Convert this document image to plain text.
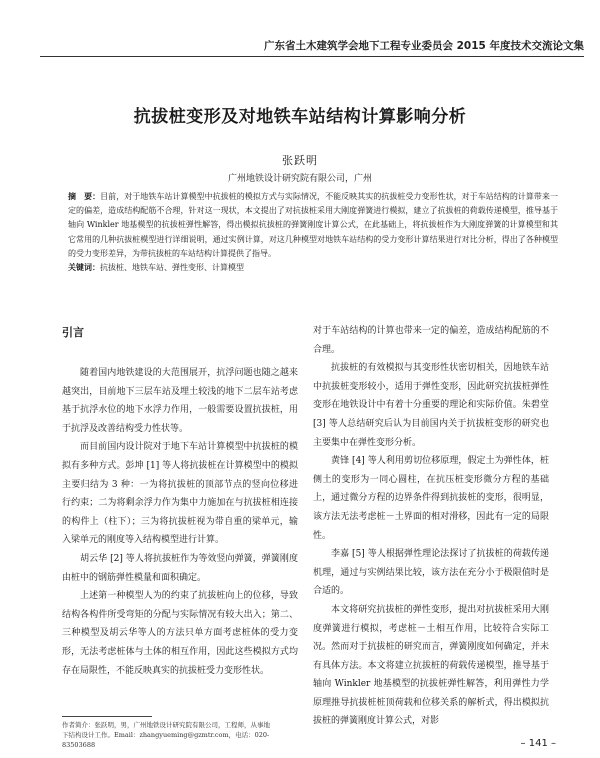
广东省土木建筑学会地下工程专业委员会 2015 年度技术交流论文集
抗拔桩变形及对地铁车站结构计算影响分析
张跃明
广州地铁设计研究院有限公司，广州
摘　要：目前，对于地铁车站计算模型中抗拔桩的模拟方式与实际情况，不能反映其实的抗拔桩受力变形性状，对于车站结构的计算带来一定的偏差，造成结构配筋不合理，针对这一现状，本文提出了对抗拔桩采用大刚度弹簧进行模拟，建立了抗拔桩的荷载传递模型，推导基于轴向 Winkler 地基模型的抗拔桩弹性解答，得出模拟抗拔桩的弹簧刚度计算公式，在此基础上，将抗拔桩作为大刚度弹簧的计算模型和其它常用的几种抗拔桩模型进行详细说明，通过实例计算，对这几种模型对地铁车站结构的受力变形计算结果进行对比分析，得出了各种模型的受力变形差异，为带抗拔桩的车站结构计算提供了指导。
关键词：抗拔桩、地铁车站、弹性变形、计算模型
引言

随着国内地铁建设的大范围展开，抗浮问题也随之越来越突出，目前地下三层车站及埋土较浅的地下二层车站考虑基于抗浮水位的地下水浮力作用，一般需要设置抗拔桩，用于抗浮及改善结构受力性状等。

而目前国内设计院对于地下车站计算模型中抗拔桩的模拟有多种方式。彭坤 [1] 等人将抗拔桩在计算模型中的模拟主要归结为 3 种：一为将抗拔桩的顶部节点的竖向位移进行约束；二为将剩余浮力作为集中力施加在与抗拔桩相连接的构件上（柱下）；三为将抗拔桩视为带自重的梁单元，输入梁单元的刚度等入结构模型进行计算。

胡云华 [2] 等人将抗拔桩作为等效竖向弹簧，弹簧刚度由桩中的钢筋弹性模量和面积确定。

上述第一种模型人为的约束了抗拔桩向上的位移，导致结构各构件所受弯矩的分配与实际情况有较大出入；第二、三种模型及胡云华等人的方法只单方面考虑桩体的受力变形，无法考虑桩体与土体的相互作用，因此这些模拟方式均存在局限性，不能反映真实的抗拔桩受力变形性状。

对于车站结构的计算也带来一定的偏差，造成结构配筋的不合理。

抗拔桩的有效模拟与其变形性状密切相关，因地铁车站中抗拔桩变形较小，适用于弹性变形，因此研究抗拔桩弹性变形在地铁设计中有着十分重要的理论和实际价值。朱碧堂 [3] 等人总结研究后认为目前国内关于抗拔桩变形的研究也主要集中在弹性变形分析。

黄锋 [4] 等人利用剪切位移原理，假定土为弹性体，桩侧土的变形为一同心圆柱，在抗压桩变形微分方程的基础上，通过微分方程的边界条件得到抗拔桩的变形，很明显，该方法无法考虑桩－土界面的相对滑移，因此有一定的局限性。

李嘉 [5] 等人根据弹性理论法探讨了抗拔桩的荷载传递机理，通过与实例结果比较，该方法在充分小于极限值时是合适的。

本文将研究抗拔桩的弹性变形，提出对抗拔桩采用大刚度弹簧进行模拟，考虑桩－土相互作用，比较符合实际工况。然而对于抗拔桩的研究而言，弹簧刚度如何确定，并未有具体方法。本文将建立抗拔桩的荷载传递模型，推导基于轴向 Winkler 地基模型的抗拔桩弹性解答，利用弹性力学原理推导抗拔桩桩顶荷载和位移关系的解析式，得出模拟抗拔桩的弹簧刚度计算公式，对影

作者简介：张跃明，男，广州地铁设计研究院有限公司，工程师，从事地
下结构设计工作。Email：zhangyueming@gzmtr.com，电话：020-83503688	– 141 –
